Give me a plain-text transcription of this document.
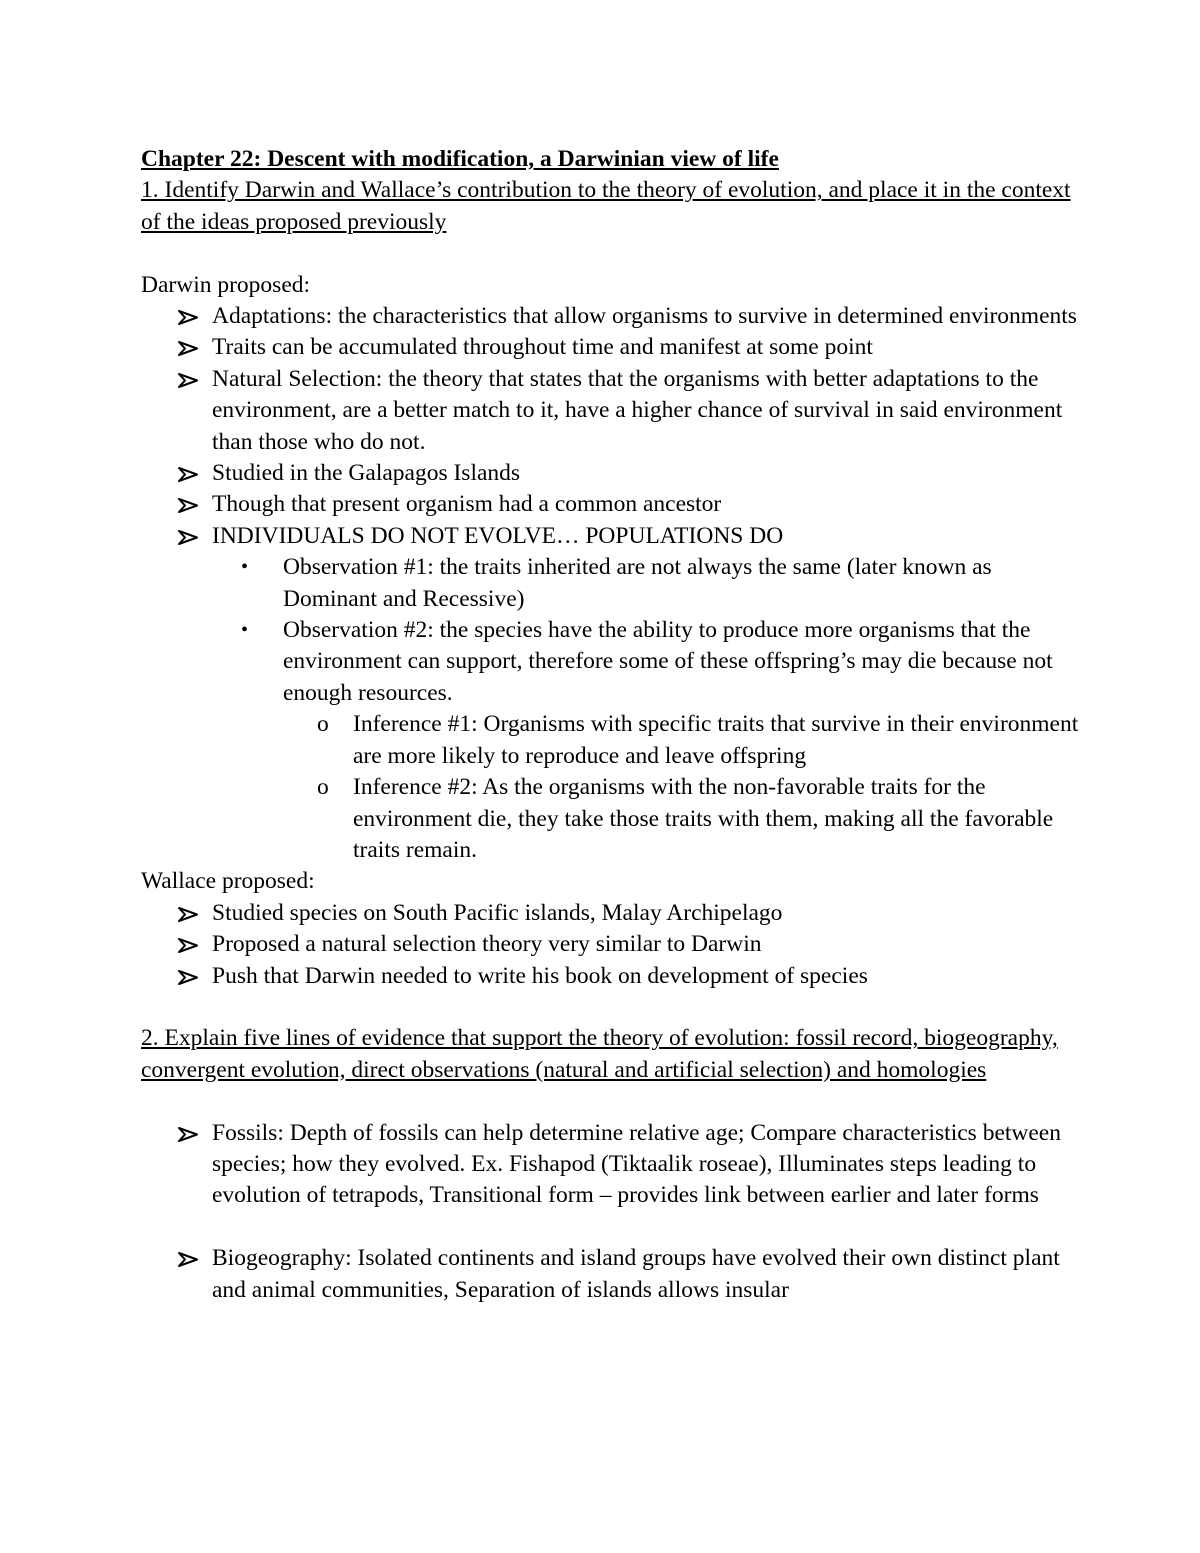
Chapter 22: Descent with modification, a Darwinian view of life

1. Identify Darwin and Wallace’s contribution to the theory of evolution, and place it in the context of the ideas proposed previously

Darwin proposed:

Adaptations: the characteristics that allow organisms to survive in determined environments
Traits can be accumulated throughout time and manifest at some point
Natural Selection: the theory that states that the organisms with better adaptations to the environment, are a better match to it, have a higher chance of survival in said environment than those who do not.
Studied in the Galapagos Islands
Though that present organism had a common ancestor
INDIVIDUALS DO NOT EVOLVE… POPULATIONS DO
• Observation #1: the traits inherited are not always the same (later known as Dominant and Recessive)
• Observation #2: the species have the ability to produce more organisms that the environment can support, therefore some of these offspring’s may die because not enough resources.
o Inference #1: Organisms with specific traits that survive in their environment are more likely to reproduce and leave offspring
o Inference #2: As the organisms with the non-favorable traits for the environment die, they take those traits with them, making all the favorable traits remain.

Wallace proposed:

Studied species on South Pacific islands, Malay Archipelago
Proposed a natural selection theory very similar to Darwin
Push that Darwin needed to write his book on development of species

2. Explain five lines of evidence that support the theory of evolution: fossil record, biogeography, convergent evolution, direct observations (natural and artificial selection) and homologies

Fossils: Depth of fossils can help determine relative age; Compare characteristics between species; how they evolved. Ex. Fishapod (Tiktaalik roseae), Illuminates steps leading to evolution of tetrapods, Transitional form – provides link between earlier and later forms
Biogeography: Isolated continents and island groups have evolved their own distinct plant and animal communities, Separation of islands allows insular
